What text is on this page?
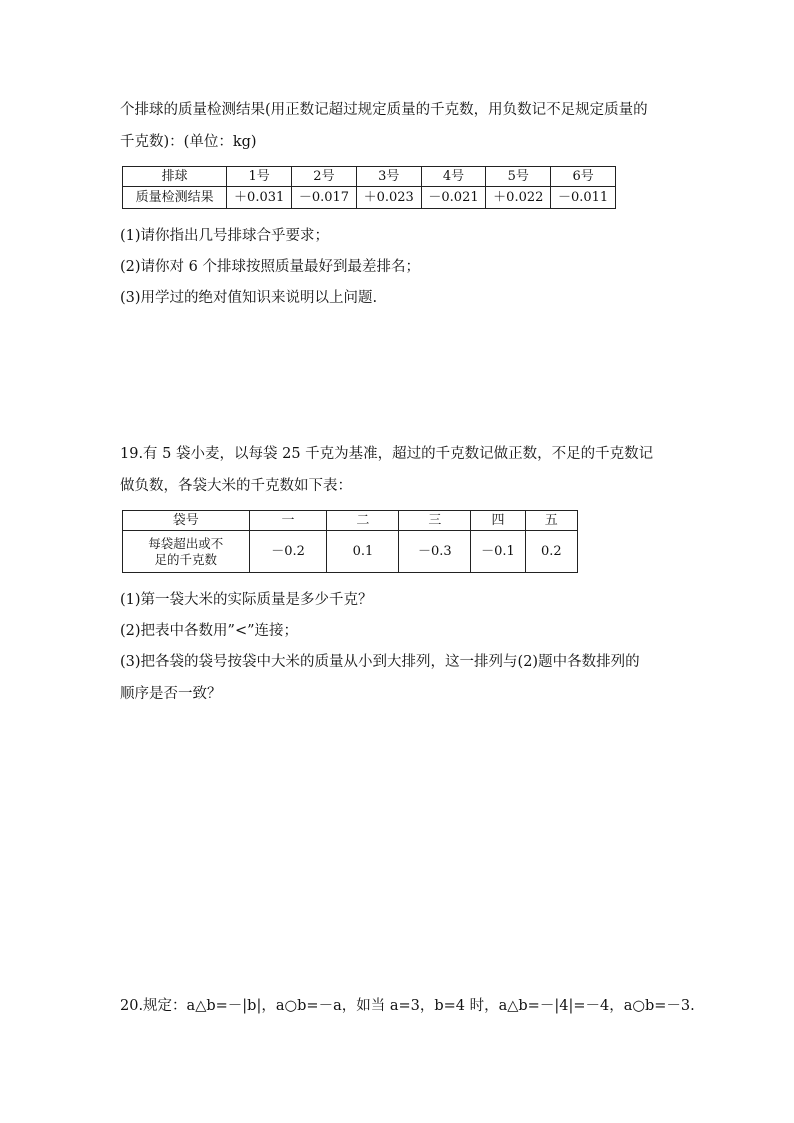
个排球的质量检测结果(用正数记超过规定质量的千克数，用负数记不足规定质量的
千克数)：(单位：kg)
排球	1号	2号	3号	4号	5号	6号
质量检测结果	＋0.031	－0.017	＋0.023	－0.021	＋0.022	－0.011
(1)请你指出几号排球合乎要求；
(2)请你对 6 个排球按照质量最好到最差排名；
(3)用学过的绝对值知识来说明以上问题.
19.有 5 袋小麦，以每袋 25 千克为基准，超过的千克数记做正数，不足的千克数记
做负数，各袋大米的千克数如下表：
袋号	一	二	三	四	五

每袋超出或不
足的千克数	－0.2	0.1	－0.3	－0.1	0.2
(1)第一袋大米的实际质量是多少千克？
(2)把表中各数用”<”连接；
(3)把各袋的袋号按袋中大米的质量从小到大排列，这一排列与(2)题中各数排列的
顺序是否一致？
20.规定：a△b=－|b|，a○b=－a，如当 a=3，b=4 时，a△b=－|4|=－4，a○b=－3.
